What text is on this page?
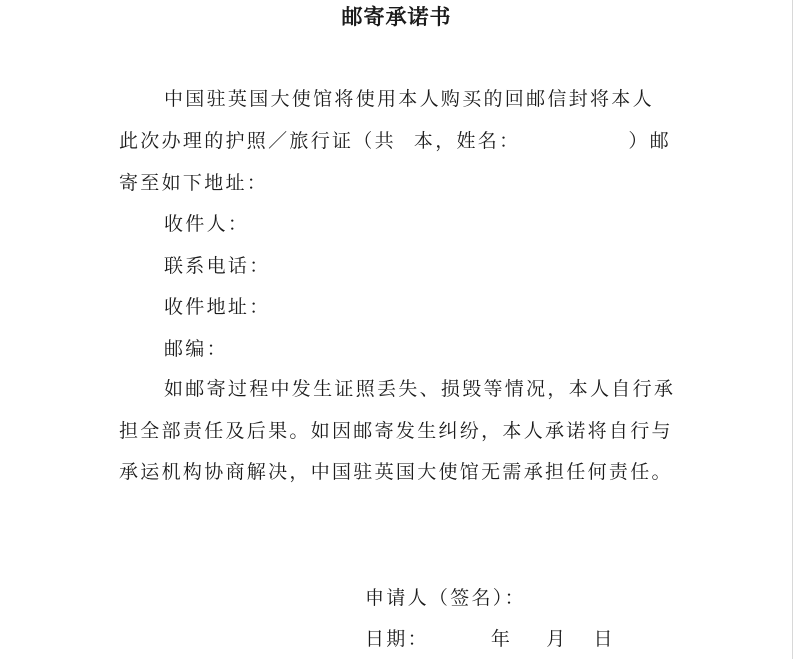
邮寄承诺书
中国驻英国大使馆将使用本人购买的回邮信封将本人
此次办理的护照／旅行证（共 本，姓名：	）邮
寄至如下地址：
收件人：
联系电话：
收件地址：
邮编：
如邮寄过程中发生证照丢失、损毁等情况，本人自行承
担全部责任及后果。如因邮寄发生纠纷，本人承诺将自行与
承运机构协商解决，中国驻英国大使馆无需承担任何责任。
申请人（签名）：
日期：	年 月 日
